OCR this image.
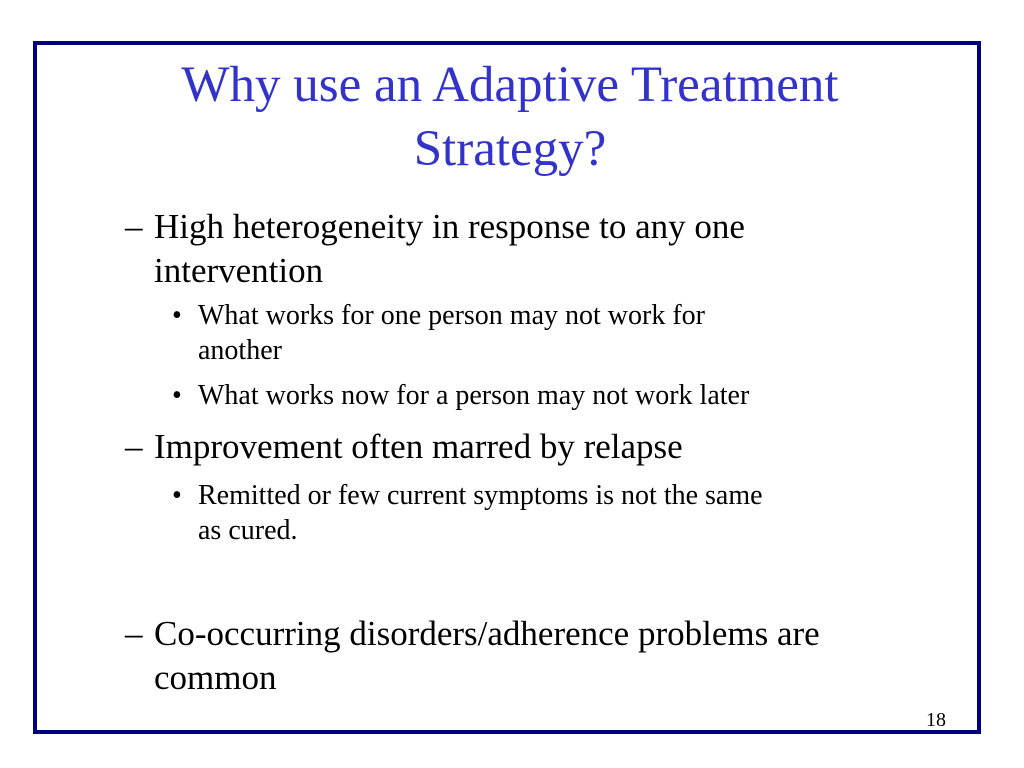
Why use an Adaptive Treatment
Strategy?
– High heterogeneity in response to any one
intervention
• What works for one person may not work for
another
• What works now for a person may not work later
– Improvement often marred by relapse
• Remitted or few current symptoms is not the same
as cured.
– Co-occurring disorders/adherence problems are
common
18
